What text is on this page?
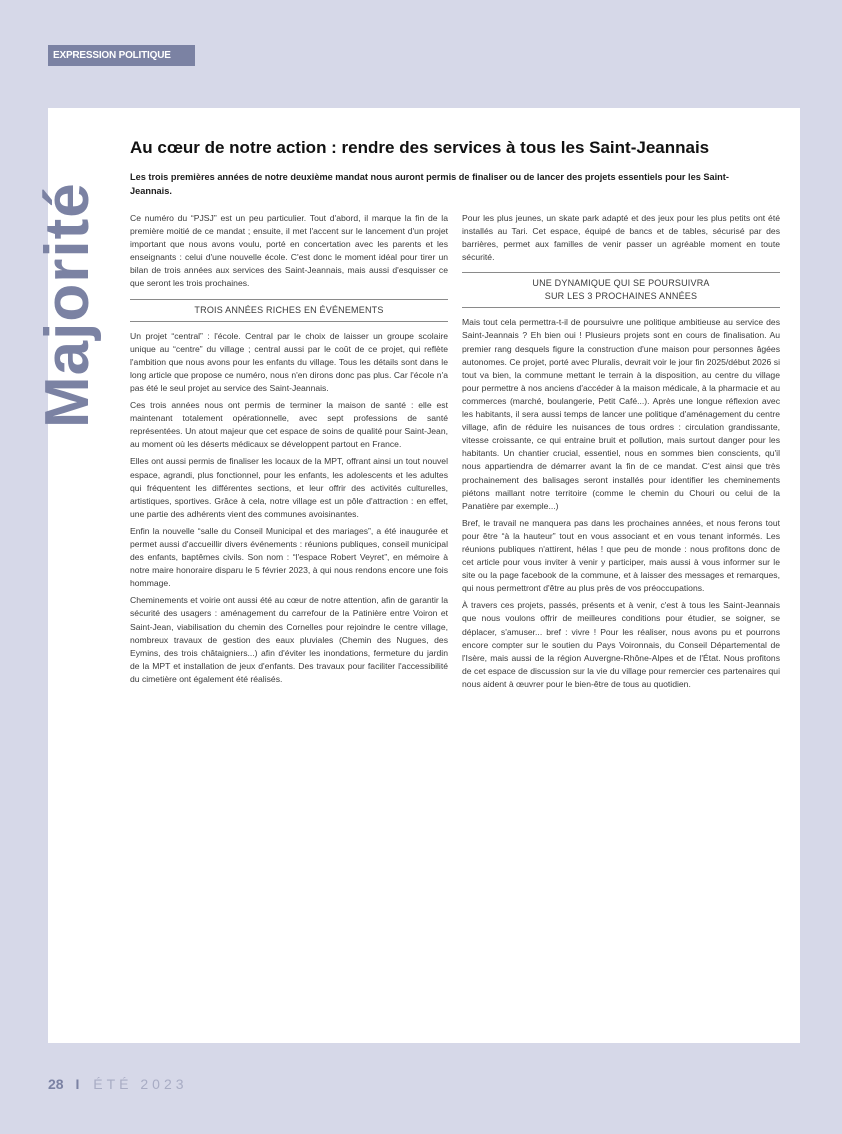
EXPRESSION POLITIQUE
Majorité
Au cœur de notre action : rendre des services à tous les Saint-Jeannais

Les trois premières années de notre deuxième mandat nous auront permis de finaliser ou de lancer des projets essentiels pour les Saint-Jeannais.

Ce numéro du “PJSJ” est un peu particulier. Tout d'abord, il marque la fin de la première moitié de ce mandat ; ensuite, il met l'accent sur le lancement d'un projet important que nous avons voulu, porté en concertation avec les parents et les enseignants : celui d'une nouvelle école. C'est donc le moment idéal pour tirer un bilan de trois années aux services des Saint-Jeannais, mais aussi d'esquisser ce que seront les trois prochaines.

TROIS ANNÉES RICHES EN ÉVÉNEMENTS

Un projet “central” : l'école. Central par le choix de laisser un groupe scolaire unique au “centre” du village ; central aussi par le coût de ce projet, qui reflète l'ambition que nous avons pour les enfants du village. Tous les détails sont dans le long article que propose ce numéro, nous n'en dirons donc pas plus. Car l'école n'a pas été le seul projet au service des Saint-Jeannais.

Ces trois années nous ont permis de terminer la maison de santé : elle est maintenant totalement opérationnelle, avec sept professions de santé représentées. Un atout majeur que cet espace de soins de qualité pour Saint-Jean, au moment où les déserts médicaux se développent partout en France.

Elles ont aussi permis de finaliser les locaux de la MPT, offrant ainsi un tout nouvel espace, agrandi, plus fonctionnel, pour les enfants, les adolescents et les adultes qui fréquentent les différentes sections, et leur offrir des activités culturelles, artistiques, sportives. Grâce à cela, notre village est un pôle d'attraction : en effet, une partie des adhérents vient des communes avoisinantes.

Enfin la nouvelle “salle du Conseil Municipal et des mariages”, a été inaugurée et permet aussi d'accueillir divers événements : réunions publiques, conseil municipal des enfants, baptêmes civils. Son nom : “l'espace Robert Veyret”, en mémoire à notre maire honoraire disparu le 5 février 2023, à qui nous rendons encore une fois hommage.

Cheminements et voirie ont aussi été au cœur de notre attention, afin de garantir la sécurité des usagers : aménagement du carrefour de la Patinière entre Voiron et Saint-Jean, viabilisation du chemin des Cornelles pour rejoindre le centre village, nombreux travaux de gestion des eaux pluviales (Chemin des Nugues, des Eymins, des trois châtaigniers...) afin d'éviter les inondations, fermeture du jardin de la MPT et installation de jeux d'enfants. Des travaux pour faciliter l'accessibilité du cimetière ont également été réalisés.

Pour les plus jeunes, un skate park adapté et des jeux pour les plus petits ont été installés au Tari. Cet espace, équipé de bancs et de tables, sécurisé par des barrières, permet aux familles de venir passer un agréable moment en toute sécurité.

UNE DYNAMIQUE QUI SE POURSUIVRA
SUR LES 3 PROCHAINES ANNÉES

Mais tout cela permettra-t-il de poursuivre une politique ambitieuse au service des Saint-Jeannais ? Eh bien oui ! Plusieurs projets sont en cours de finalisation. Au premier rang desquels figure la construction d'une maison pour personnes âgées autonomes. Ce projet, porté avec Pluralis, devrait voir le jour fin 2025/début 2026 si tout va bien, la commune mettant le terrain à la disposition, au centre du village pour permettre à nos anciens d'accéder à la maison médicale, à la pharmacie et au commerces (marché, boulangerie, Petit Café...). Après une longue réflexion avec les habitants, il sera aussi temps de lancer une politique d'aménagement du centre village, afin de réduire les nuisances de tous ordres : circulation grandissante, vitesse croissante, ce qui entraine bruit et pollution, mais surtout danger pour les habitants. Un chantier crucial, essentiel, nous en sommes bien conscients, qu'il nous appartiendra de démarrer avant la fin de ce mandat. C'est ainsi que très prochainement des balisages seront installés pour identifier les cheminements piétons maillant notre territoire (comme le chemin du Chouri ou celui de la Panatière par exemple...)

Bref, le travail ne manquera pas dans les prochaines années, et nous ferons tout pour être “à la hauteur” tout en vous associant et en vous tenant informés. Les réunions publiques n'attirent, hélas ! que peu de monde : nous profitons donc de cet article pour vous inviter à venir y participer, mais aussi à vous informer sur le site ou la page facebook de la commune, et à laisser des messages et remarques, qui nous permettront d'être au plus près de vos préoccupations.

À travers ces projets, passés, présents et à venir, c'est à tous les Saint-Jeannais que nous voulons offrir de meilleures conditions pour étudier, se soigner, se déplacer, s'amuser... bref : vivre ! Pour les réaliser, nous avons pu et pourrons encore compter sur le soutien du Pays Voironnais, du Conseil Départemental de l'Isère, mais aussi de la région Auvergne-Rhône-Alpes et de l'État. Nous profitons de cet espace de discussion sur la vie du village pour remercier ces partenaires qui nous aident à œuvrer pour le bien-être de tous au quotidien.

28 I ÉTÉ 2023
